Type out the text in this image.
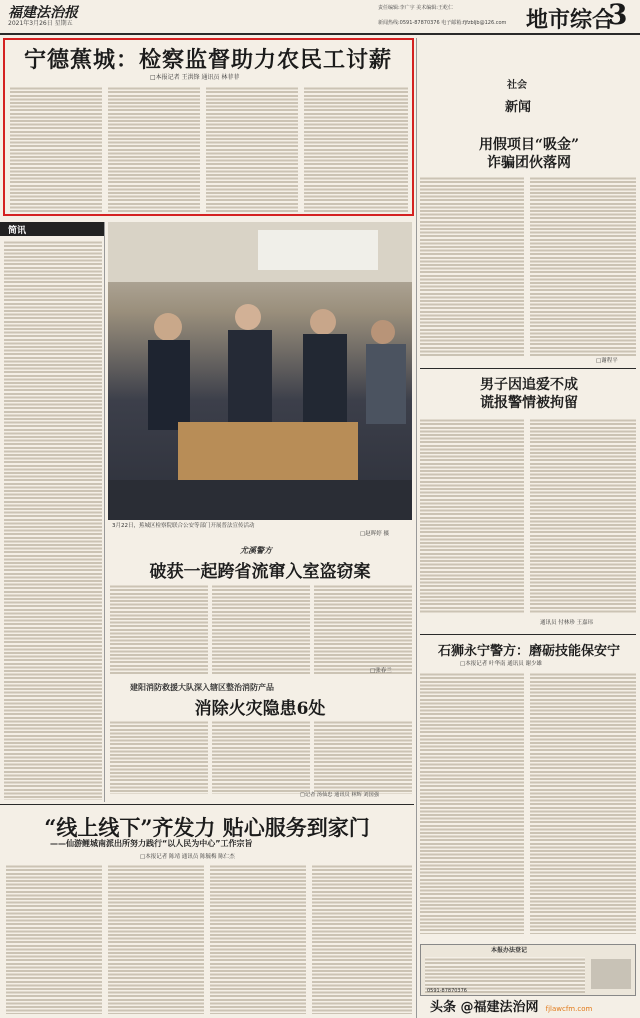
福建法治报
2021年3月26日 星期五
责任编辑:李广宇 美术编辑:王屹仁
新闻热线:0591-87870376 电子邮箱:fjfzbljb@126.com 地市综合
3
宁德蕉城：检察监督助力农民工讨薪
□本报记者 王洪锋 通讯员 林菲菲
简讯
3月22日，蕉城区检察院联合公安等部门开展普法宣传活动
□赵晖婷 摄
尤溪警方
破获一起跨省流窜入室盗窃案
□张春兰
建阳消防救援大队深入辖区整治消防产品
消除火灾隐患6处
□记者 汤仙忠 通讯员 林辉 刘国强
“线上线下”齐发力 贴心服务到家门
——仙游鲤城南派出所努力践行“以人民为中心”工作宗旨
□本报记者 陈靖 通讯员 陈毓梅 陈仁杰
社会
新闻
用假项目“吸金”
诈骗团伙落网
□谢程平
男子因追爱不成
谎报警情被拘留
通讯员 付林珍 王嘉玮
石狮永宁警方：磨砺技能保安宁
□本报记者 叶华南 通讯员 谢少雄
本报办法登记
0591-87870376
头条 @福建法治网 fjlawcfm.com
